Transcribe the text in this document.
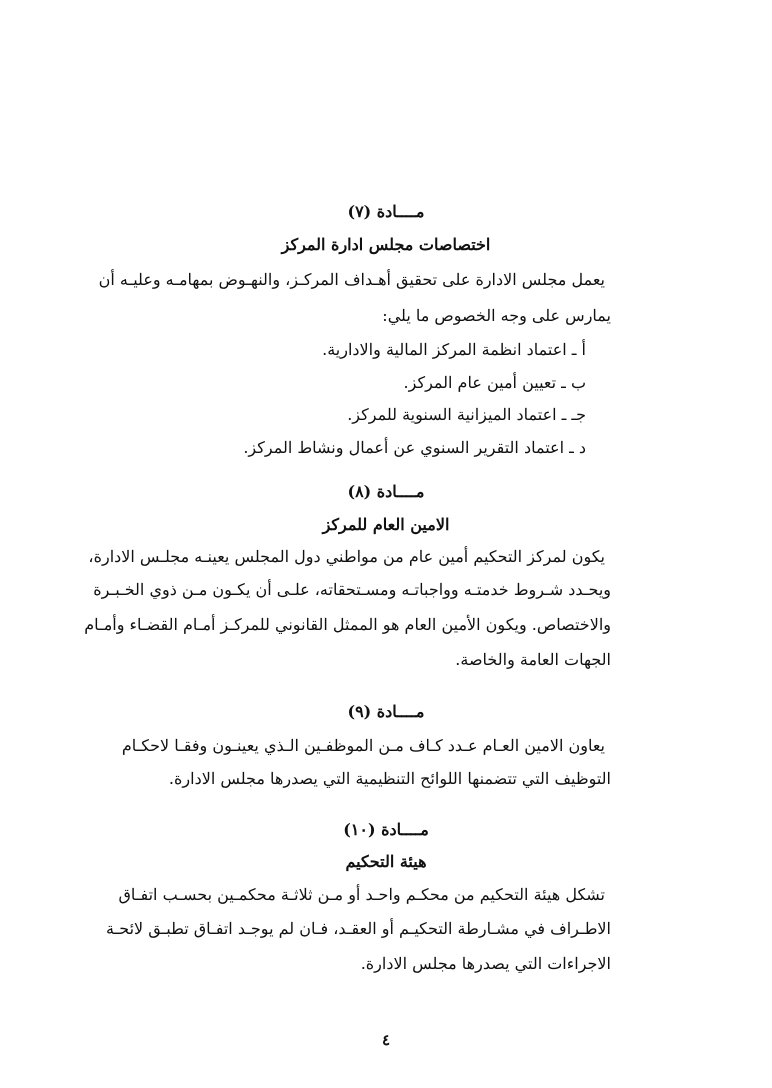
مــــادة (٧)
اختصاصات مجلس ادارة المركز
يعمل مجلس الادارة على تحقيق أهـداف المركـز، والنهـوض بمهامـه وعليـه أن
يمارس على وجه الخصوص ما يلي:
أ ـ اعتماد انظمة المركز المالية والادارية.
ب ـ تعيين أمين عام المركز.
جـ ـ اعتماد الميزانية السنوية للمركز.
د ـ اعتماد التقرير السنوي عن أعمال ونشاط المركز.
مــــادة (٨)
الامين العام للمركز
يكون لمركز التحكيم أمين عام من مواطني دول المجلس يعينـه مجلـس الادارة،
ويحـدد شـروط خدمتـه وواجباتـه ومسـتحقاته، علـى أن يكـون مـن ذوي الخـبـرة
والاختصاص. ويكون الأمين العام هو الممثل القانوني للمركـز أمـام القضـاء وأمـام
الجهات العامة والخاصة.
مــــادة (٩)
يعاون الامين العـام عـدد كـاف مـن الموظفـين الـذي يعينـون وفقـا لاحكـام
التوظيف التي تتضمنها اللوائح التنظيمية التي يصدرها مجلس الادارة.
مــــادة (١٠)
هيئة التحكيم
تشكل هيئة التحكيم من محكـم واحـد أو مـن ثلاثـة محكمـين بحسـب اتفـاق
الاطـراف في مشـارطة التحكيـم أو العقـد، فـان لم يوجـد اتفـاق تطبـق لائحـة
الاجراءات التي يصدرها مجلس الادارة.
٤
